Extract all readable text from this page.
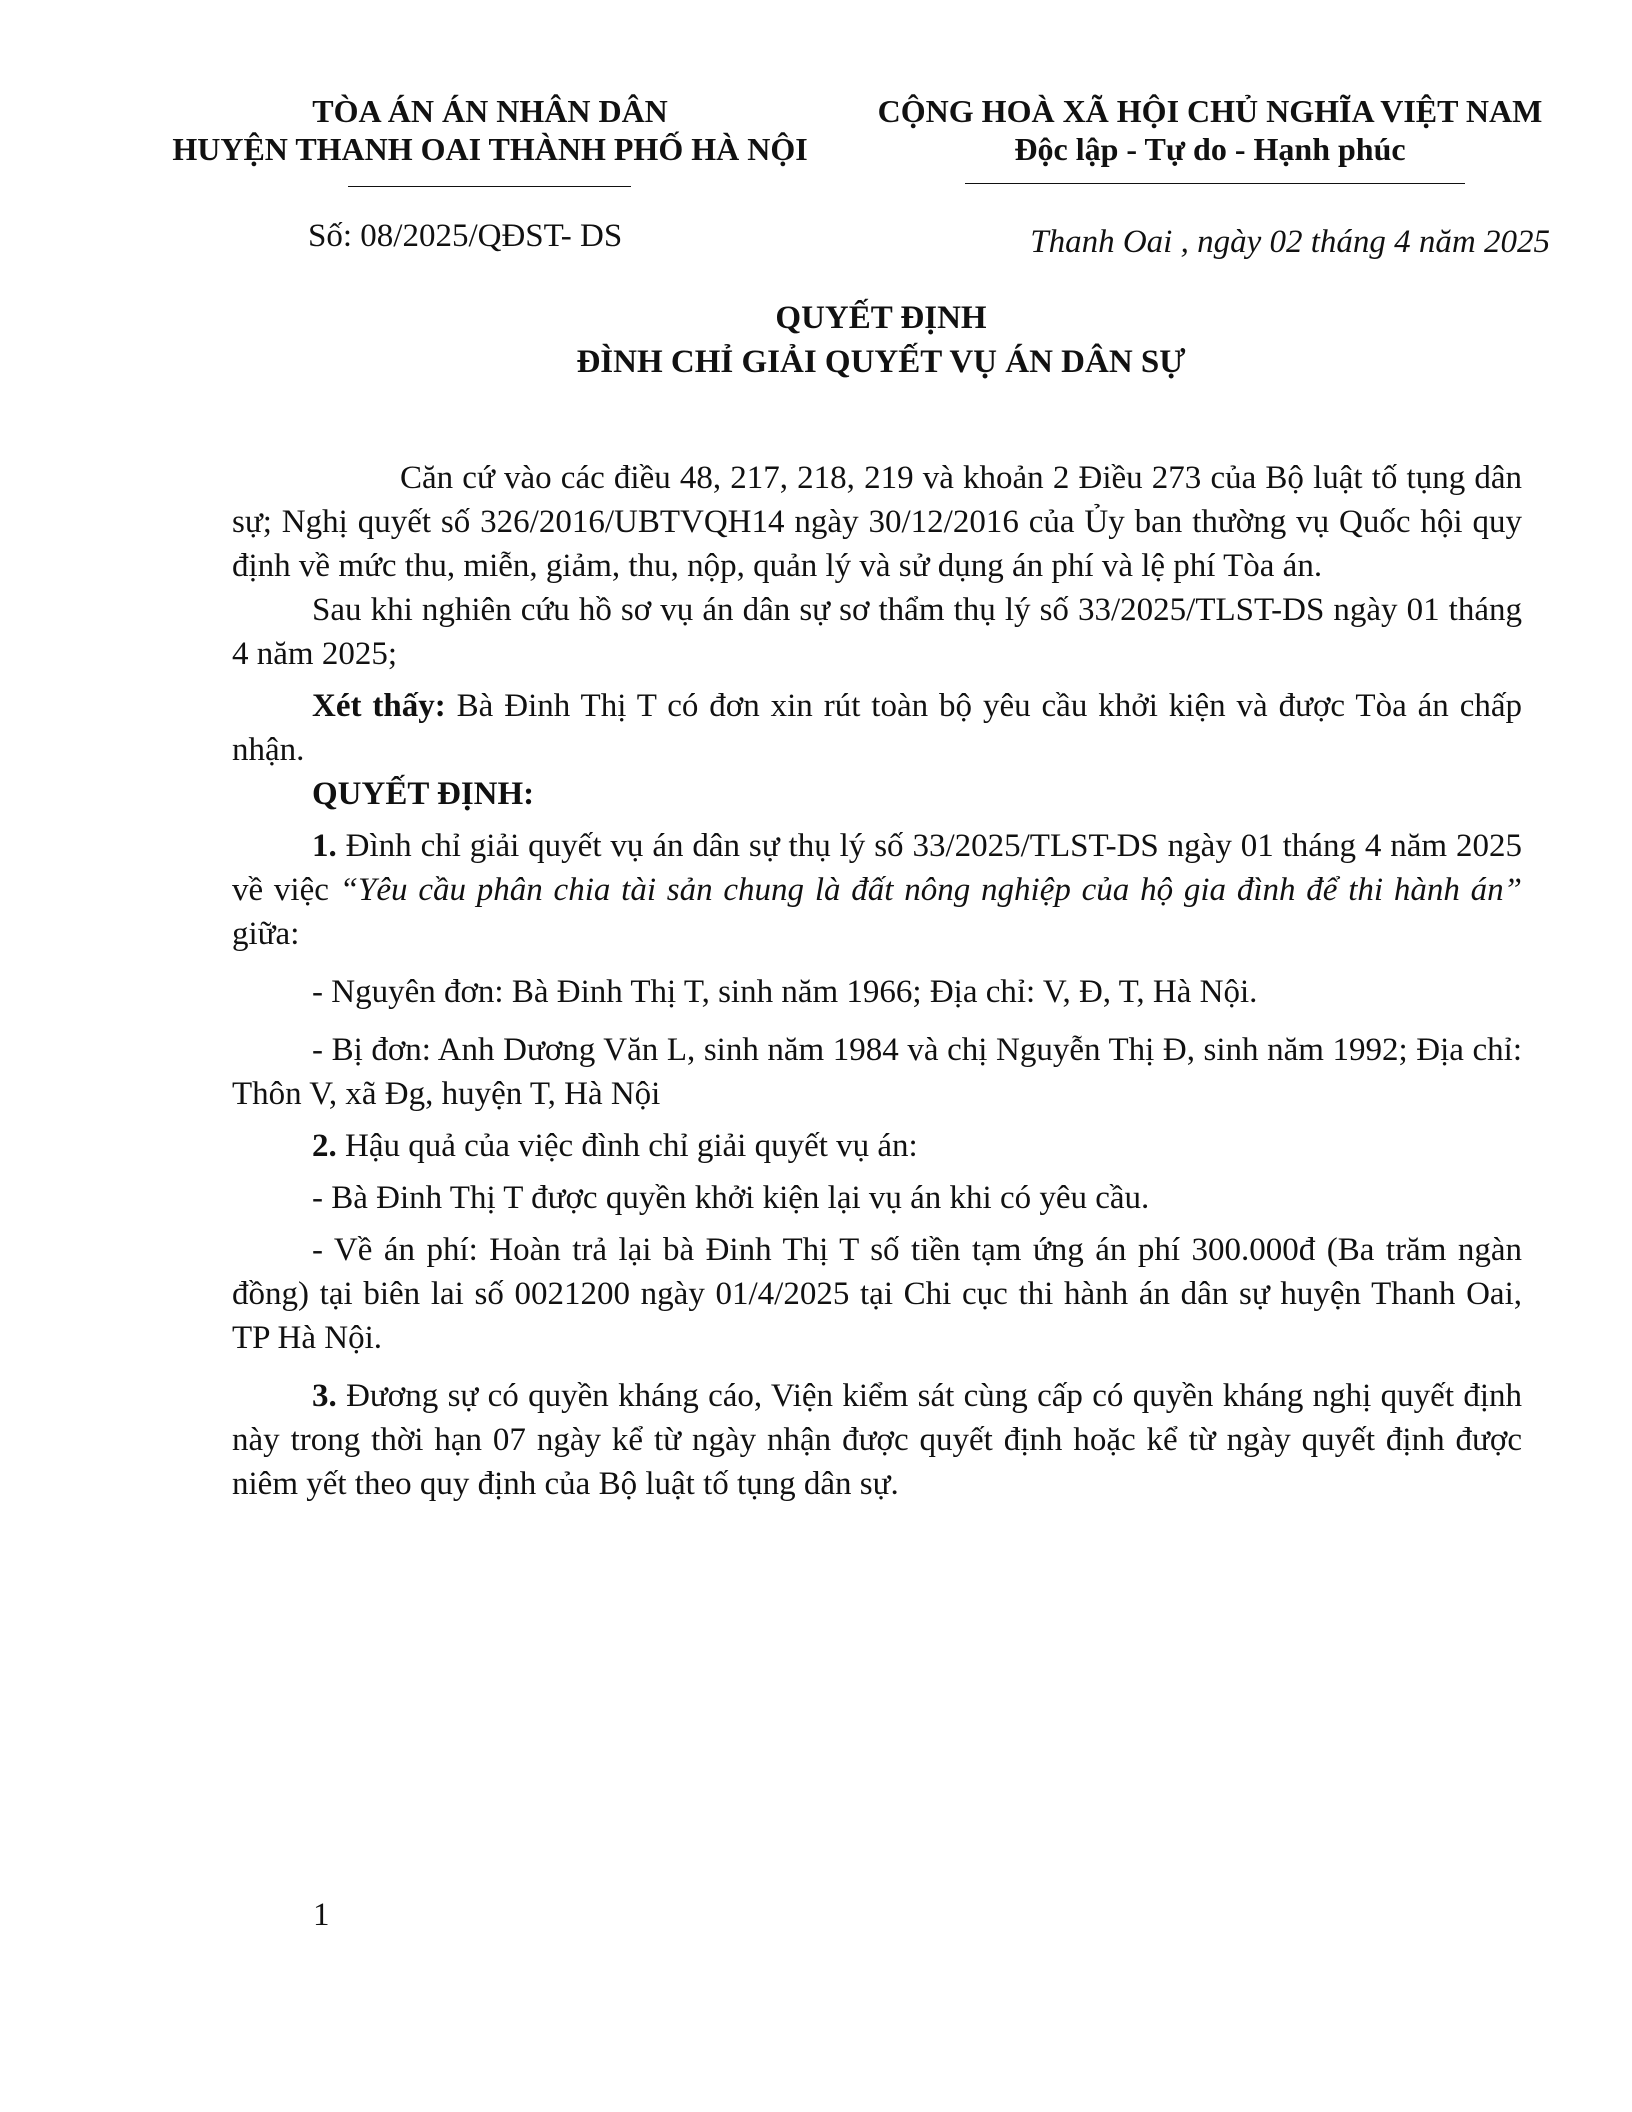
TÒA ÁN ÁN NHÂN DÂN
HUYỆN THANH OAI THÀNH PHỐ HÀ NỘI
CỘNG HOÀ XÃ HỘI CHỦ NGHĨA VIỆT NAM
Độc lập - Tự do - Hạnh phúc
Số: 08/2025/QĐST- DS	Thanh Oai , ngày 02 tháng 4 năm 2025
QUYẾT ĐỊNH
ĐÌNH CHỈ GIẢI QUYẾT VỤ ÁN DÂN SỰ

Căn cứ vào các điều 48, 217, 218, 219 và khoản 2 Điều 273 của Bộ luật tố tụng dân sự; Nghị quyết số 326/2016/UBTVQH14 ngày 30/12/2016 của Ủy ban thường vụ Quốc hội quy định về mức thu, miễn, giảm, thu, nộp, quản lý và sử dụng án phí và lệ phí Tòa án.

Sau khi nghiên cứu hồ sơ vụ án dân sự sơ thẩm thụ lý số 33/2025/TLST-DS ngày 01 tháng 4 năm 2025;

Xét thấy: Bà Đinh Thị T có đơn xin rút toàn bộ yêu cầu khởi kiện và được Tòa án chấp nhận.

QUYẾT ĐỊNH:

1. Đình chỉ giải quyết vụ án dân sự thụ lý số 33/2025/TLST-DS ngày 01 tháng 4 năm 2025 về việc “Yêu cầu phân chia tài sản chung là đất nông nghiệp của hộ gia đình để thi hành án” giữa:

- Nguyên đơn: Bà Đinh Thị T, sinh năm 1966; Địa chỉ: V, Đ, T, Hà Nội.

- Bị đơn: Anh Dương Văn L, sinh năm 1984 và chị Nguyễn Thị Đ, sinh năm 1992; Địa chỉ: Thôn V, xã Đg, huyện T, Hà Nội

2. Hậu quả của việc đình chỉ giải quyết vụ án:

- Bà Đinh Thị T được quyền khởi kiện lại vụ án khi có yêu cầu.

- Về án phí: Hoàn trả lại bà Đinh Thị T số tiền tạm ứng án phí 300.000đ (Ba trăm ngàn đồng) tại biên lai số 0021200 ngày 01/4/2025 tại Chi cục thi hành án dân sự huyện Thanh Oai, TP Hà Nội.

3. Đương sự có quyền kháng cáo, Viện kiểm sát cùng cấp có quyền kháng nghị quyết định này trong thời hạn 07 ngày kể từ ngày nhận được quyết định hoặc kể từ ngày quyết định được niêm yết theo quy định của Bộ luật tố tụng dân sự.

1
